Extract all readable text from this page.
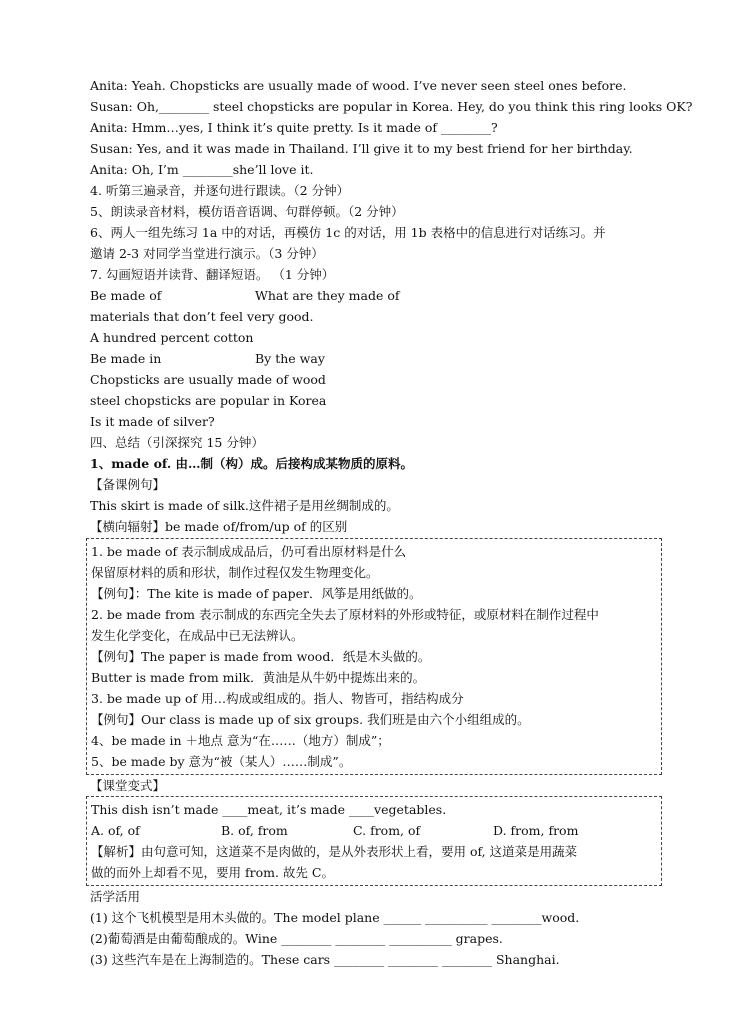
Anita: Yeah. Chopsticks are usually made of wood. I’ve never seen steel ones before.
Susan: Oh,________ steel chopsticks are popular in Korea. Hey, do you think this ring looks OK?
Anita: Hmm…yes, I think it’s quite pretty. Is it made of ________?
Susan: Yes, and it was made in Thailand. I’ll give it to my best friend for her birthday.
Anita: Oh, I’m ________she’ll love it.
4. 听第三遍录音，并逐句进行跟读。（2 分钟）
5、朗读录音材料，模仿语音语调、句群停顿。（2 分钟）
6、两人一组先练习 1a 中的对话，再模仿 1c 的对话，用 1b 表格中的信息进行对话练习。并
邀请 2-3 对同学当堂进行演示。（3 分钟）
7. 勾画短语并读背、翻译短语。 （1 分钟）
Be made of	What are they made of
materials that don’t feel very good.
A hundred percent cotton
Be made in	By the way
Chopsticks are usually made of wood
steel chopsticks are popular in Korea
Is it made of silver?
四、总结（引深探究 15 分钟）
1、made of. 由…制（构）成。后接构成某物质的原料。
【备课例句】
This skirt is made of silk.这件裙子是用丝绸制成的。
【横向辐射】be made of/from/up of 的区别
1. be made of 表示制成成品后，仍可看出原材料是什么
保留原材料的质和形状，制作过程仅发生物理变化。
【例句】：The kite is made of paper．风筝是用纸做的。
2. be made from 表示制成的东西完全失去了原材料的外形或特征，或原材料在制作过程中
发生化学变化，在成品中已无法辨认。
【例句】The paper is made from wood．纸是木头做的。
Butter is made from milk．黄油是从牛奶中提炼出来的。
3. be made up of 用…构成或组成的。指人、物皆可，指结构成分
【例句】Our class is made up of six groups. 我们班是由六个小组组成的。
4、be made in ＋地点 意为“在……（地方）制成”；
5、be made by 意为“被（某人）……制成”。
【课堂变式】
This dish isn’t made ____meat, it’s made ____vegetables.
A. of, of	B. of, from	C. from, of	D. from, from
【解析】由句意可知，这道菜不是肉做的，是从外表形状上看，要用 of, 这道菜是用蔬菜
做的而外上却看不见，要用 from. 故先 C。
活学活用
(1) 这个飞机模型是用木头做的。The model plane ______ __________ ________wood.
(2)葡萄酒是由葡萄酿成的。Wine ________ ________ __________ grapes.
(3) 这些汽车是在上海制造的。These cars ________ ________ ________ Shanghai.
